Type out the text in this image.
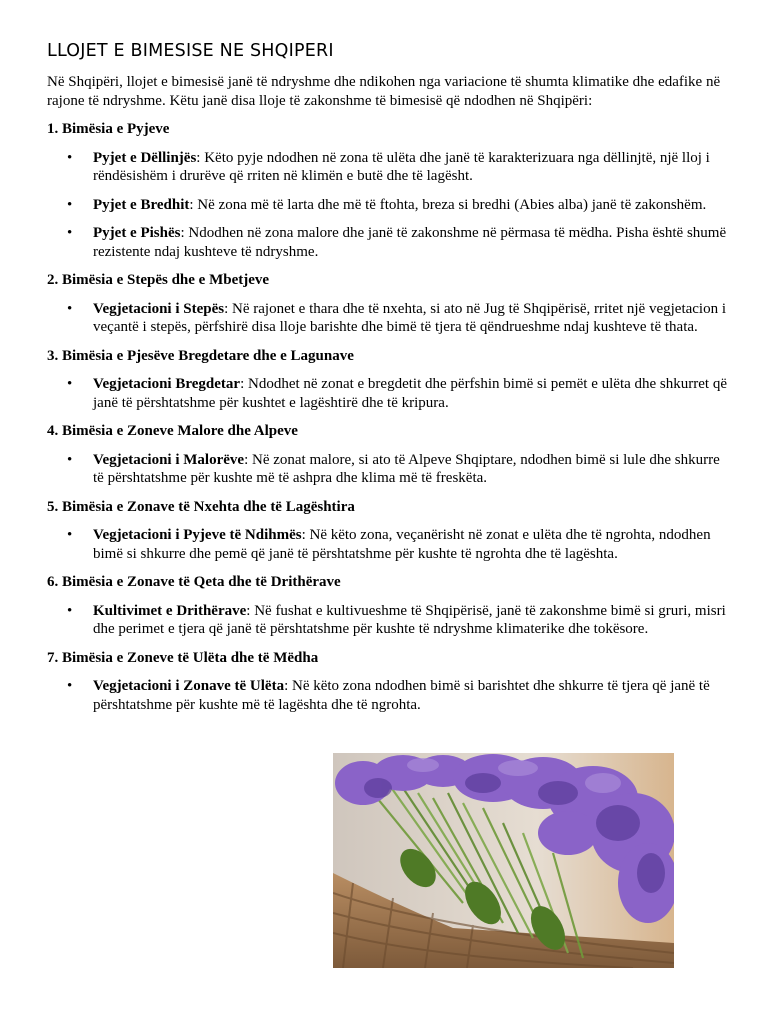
LLOJET E BIMESISE NE SHQIPERI

Në Shqipëri, llojet e bimesisë janë të ndryshme dhe ndikohen nga variacione të shumta klimatike dhe edafike në rajone të ndryshme. Këtu janë disa lloje të zakonshme të bimesisë që ndodhen në Shqipëri:

1. Bimësia e Pyjeve

• Pyjet e Dëllinjës: Këto pyje ndodhen në zona të ulëta dhe janë të karakterizuara nga dëllinjtë, një lloj i rëndësishëm i drurëve që rriten në klimën e butë dhe të lagësht.
• Pyjet e Bredhit: Në zona më të larta dhe më të ftohta, breza si bredhi (Abies alba) janë të zakonshëm.
• Pyjet e Pishës: Ndodhen në zona malore dhe janë të zakonshme në përmasa të mëdha. Pisha është shumë rezistente ndaj kushteve të ndryshme.

2. Bimësia e Stepës dhe e Mbetjeve

• Vegjetacioni i Stepës: Në rajonet e thara dhe të nxehta, si ato në Jug të Shqipërisë, rritet një vegjetacion i veçantë i stepës, përfshirë disa lloje barishte dhe bimë të tjera të qëndrueshme ndaj kushteve të thata.

3. Bimësia e Pjesëve Bregdetare dhe e Lagunave

• Vegjetacioni Bregdetar: Ndodhet në zonat e bregdetit dhe përfshin bimë si pemët e ulëta dhe shkurret që janë të përshtatshme për kushtet e lagështirë dhe të kripura.

4. Bimësia e Zoneve Malore dhe Alpeve

• Vegjetacioni i Malorëve: Në zonat malore, si ato të Alpeve Shqiptare, ndodhen bimë si lule dhe shkurre të përshtatshme për kushte më të ashpra dhe klima më të freskëta.

5. Bimësia e Zonave të Nxehta dhe të Lagështira

• Vegjetacioni i Pyjeve të Ndihmës: Në këto zona, veçanërisht në zonat e ulëta dhe të ngrohta, ndodhen bimë si shkurre dhe pemë që janë të përshtatshme për kushte të ngrohta dhe të lagështa.

6. Bimësia e Zonave të Qeta dhe të Drithërave

• Kultivimet e Drithërave: Në fushat e kultivueshme të Shqipërisë, janë të zakonshme bimë si gruri, misri dhe perimet e tjera që janë të përshtatshme për kushte të ndryshme klimaterike dhe tokësore.

7. Bimësia e Zoneve të Ulëta dhe të Mëdha

• Vegjetacioni i Zonave të Ulëta: Në këto zona ndodhen bimë si barishtet dhe shkurre të tjera që janë të përshtatshme për kushte më të lagështa dhe të ngrohta.
